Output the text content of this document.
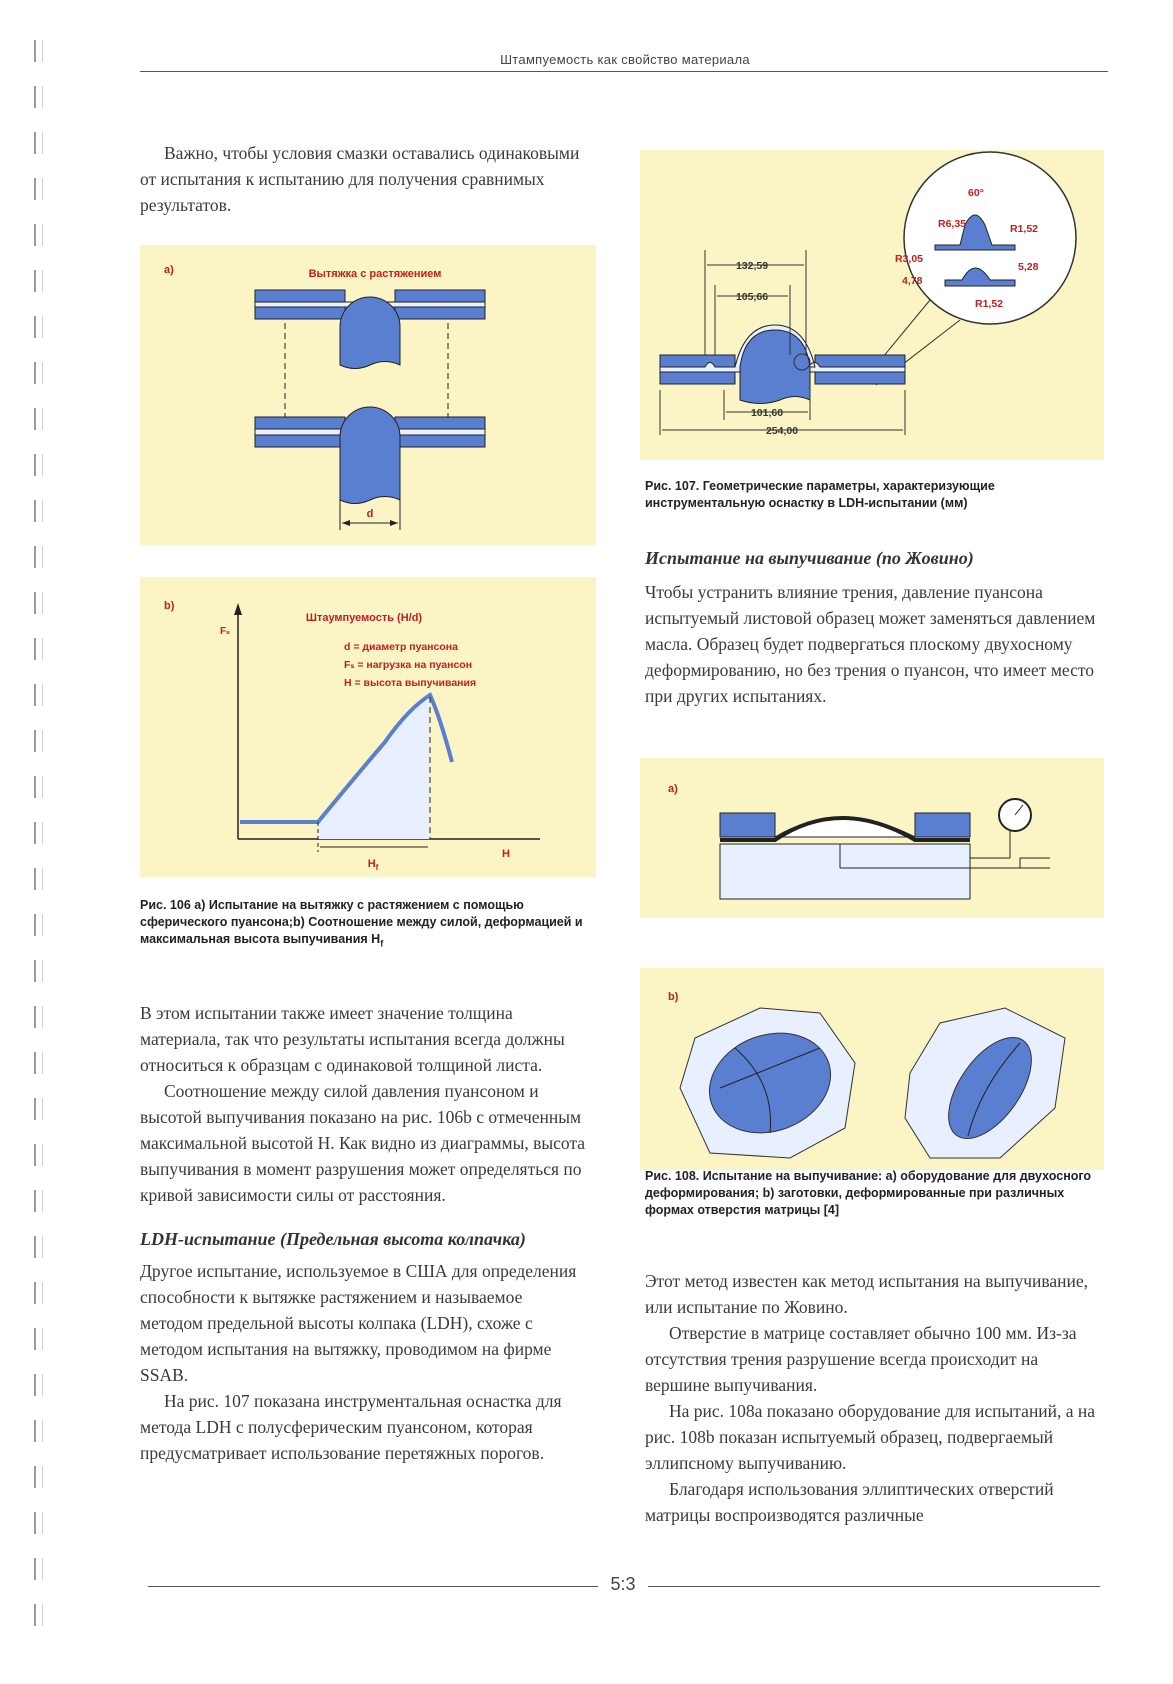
Штампуемость как свойство материала

Важно, чтобы условия смазки оставались одинаковыми от испытания к испытанию для получения сравнимых результатов.

a)	Вытяжка с растяжением
d
b)
Fₛ
H
Штаумпуемость (H/d)
d = диаметр пуансона
Fₛ = нагрузка на пуансон
H = высота выпучивания
$H_f$
Рис. 106 a) Испытание на вытяжку с растяжением с помощью сферического пуансона;b) Соотношение между силой, деформацией и максимальная высота выпучивания $H_f$

В этом испытании также имеет значение толщина материала, так что результаты испытания всегда должны относиться к образцам с одинаковой толщиной листа.

Соотношение между силой давления пуансоном и высотой выпучивания показано на рис. 106b с отмеченным максимальной высотой H. Как видно из диаграммы, высота выпучивания в момент разрушения может определяться по кривой зависимости силы от расстояния.

LDH-испытание (Предельная высота колпачка)

Другое испытание, используемое в США для определения способности к вытяжке растяжением и называемое методом предельной высоты колпака (LDH), схоже с методом испытания на вытяжку, проводимом на фирме SSAB.

На рис. 107 показана инструментальная оснастка для метода LDH с полусферическим пуансоном, которая предусматривает использование перетяжных порогов.

60°
R6,35	R1,52
R3,05
5,28
4,78
R1,52
132,59
105,66
101,60
254,00
Рис. 107. Геометрические параметры, характеризующие инструментальную оснастку в LDH-испытании (мм)

Испытание на выпучивание (по Жовино)

Чтобы устранить влияние трения, давление пуансона испытуемый листовой образец может заменяться давлением масла. Образец будет подвергаться плоскому двухосному деформированию, но без трения о пуансон, что имеет место при других испытаниях.

a)
b)
Рис. 108. Испытание на выпучивание: a) оборудование для двухосного деформирования; b) заготовки, деформированные при различных формах отверстия матрицы [4]

Этот метод известен как метод испытания на выпучивание, или испытание по Жовино.

Отверстие в матрице составляет обычно 100 мм. Из-за отсутствия трения разрушение всегда происходит на вершине выпучивания.

На рис. 108а показано оборудование для испытаний, а на рис. 108b показан испытуемый образец, подвергаемый эллипсному выпучиванию.

Благодаря использования эллиптических отверстий матрицы воспроизводятся различные

5:3
